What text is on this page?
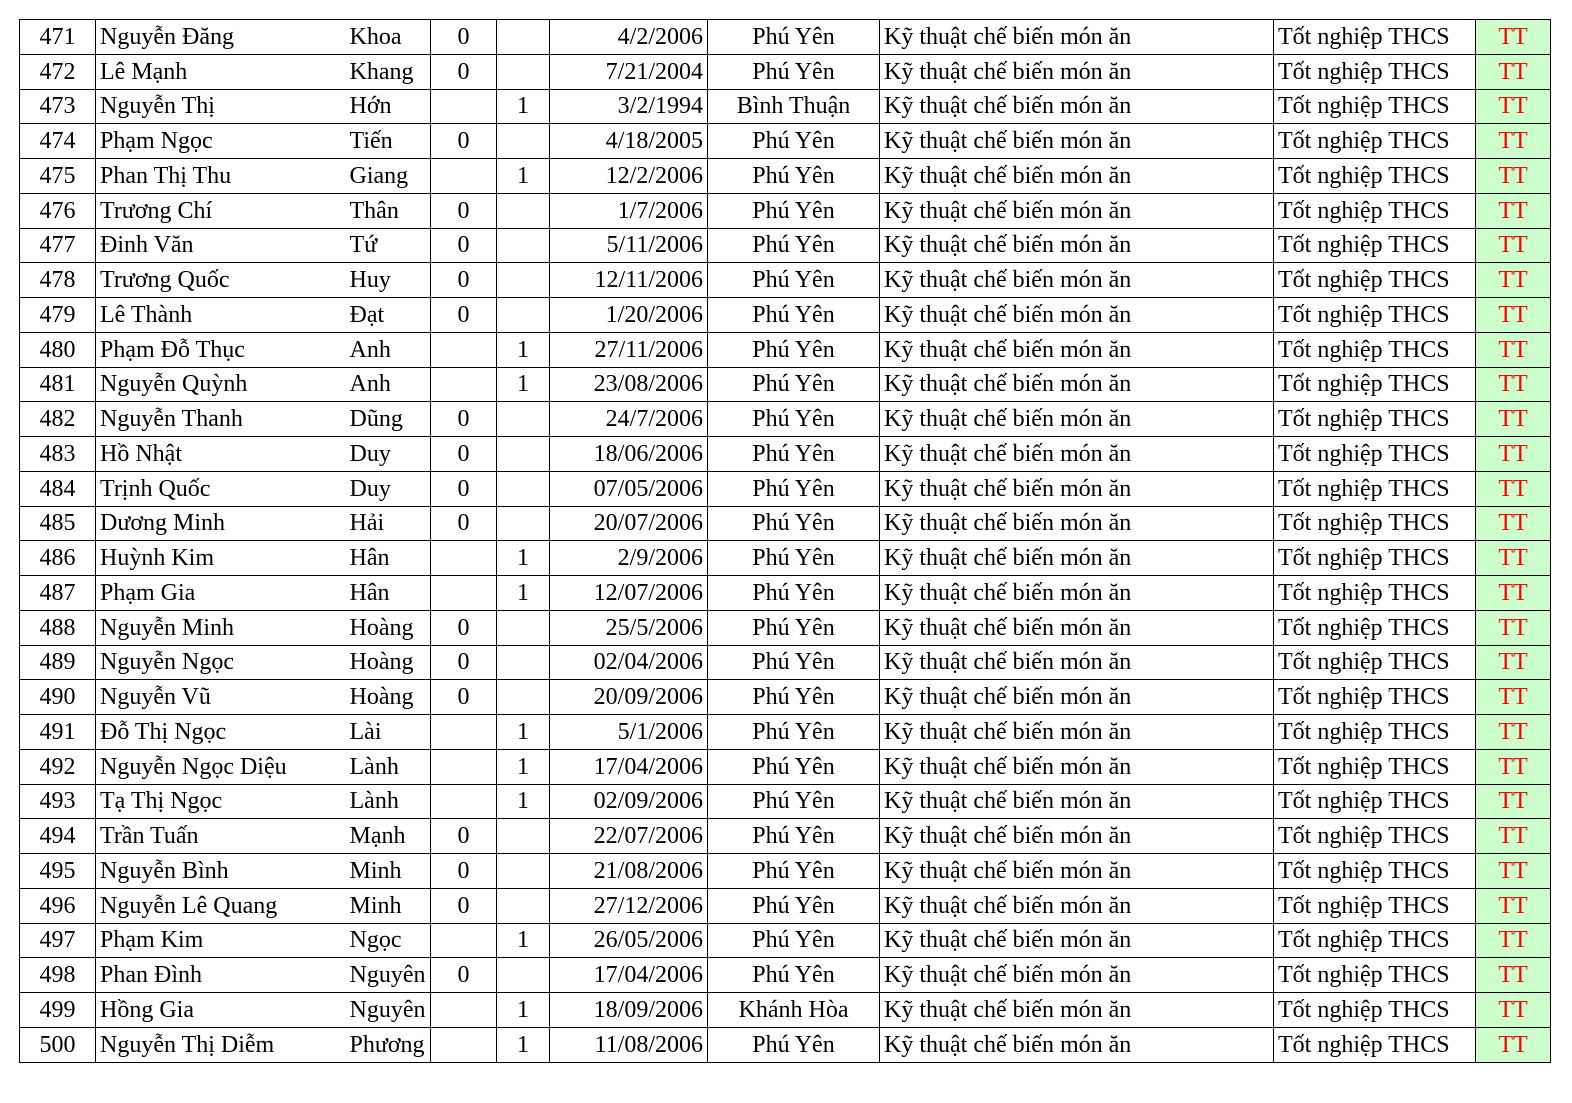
471	Nguyễn Đăng	Khoa	0		4/2/2006	Phú Yên	Kỹ thuật chế biến món ăn	Tốt nghiệp THCS	TT
472	Lê Mạnh	Khang	0		7/21/2004	Phú Yên	Kỹ thuật chế biến món ăn	Tốt nghiệp THCS	TT
473	Nguyễn Thị	Hớn		1	3/2/1994	Bình Thuận	Kỹ thuật chế biến món ăn	Tốt nghiệp THCS	TT
474	Phạm Ngọc	Tiến	0		4/18/2005	Phú Yên	Kỹ thuật chế biến món ăn	Tốt nghiệp THCS	TT
475	Phan Thị Thu	Giang		1	12/2/2006	Phú Yên	Kỹ thuật chế biến món ăn	Tốt nghiệp THCS	TT
476	Trương Chí	Thân	0		1/7/2006	Phú Yên	Kỹ thuật chế biến món ăn	Tốt nghiệp THCS	TT
477	Đinh Văn	Tứ	0		5/11/2006	Phú Yên	Kỹ thuật chế biến món ăn	Tốt nghiệp THCS	TT
478	Trương Quốc	Huy	0		12/11/2006	Phú Yên	Kỹ thuật chế biến món ăn	Tốt nghiệp THCS	TT
479	Lê Thành	Đạt	0		1/20/2006	Phú Yên	Kỹ thuật chế biến món ăn	Tốt nghiệp THCS	TT
480	Phạm Đỗ Thục	Anh		1	27/11/2006	Phú Yên	Kỹ thuật chế biến món ăn	Tốt nghiệp THCS	TT
481	Nguyễn Quỳnh	Anh		1	23/08/2006	Phú Yên	Kỹ thuật chế biến món ăn	Tốt nghiệp THCS	TT
482	Nguyễn Thanh	Dũng	0		24/7/2006	Phú Yên	Kỹ thuật chế biến món ăn	Tốt nghiệp THCS	TT
483	Hồ Nhật	Duy	0		18/06/2006	Phú Yên	Kỹ thuật chế biến món ăn	Tốt nghiệp THCS	TT
484	Trịnh Quốc	Duy	0		07/05/2006	Phú Yên	Kỹ thuật chế biến món ăn	Tốt nghiệp THCS	TT
485	Dương Minh	Hải	0		20/07/2006	Phú Yên	Kỹ thuật chế biến món ăn	Tốt nghiệp THCS	TT
486	Huỳnh Kim	Hân		1	2/9/2006	Phú Yên	Kỹ thuật chế biến món ăn	Tốt nghiệp THCS	TT
487	Phạm Gia	Hân		1	12/07/2006	Phú Yên	Kỹ thuật chế biến món ăn	Tốt nghiệp THCS	TT
488	Nguyễn Minh	Hoàng	0		25/5/2006	Phú Yên	Kỹ thuật chế biến món ăn	Tốt nghiệp THCS	TT
489	Nguyễn Ngọc	Hoàng	0		02/04/2006	Phú Yên	Kỹ thuật chế biến món ăn	Tốt nghiệp THCS	TT
490	Nguyễn Vũ	Hoàng	0		20/09/2006	Phú Yên	Kỹ thuật chế biến món ăn	Tốt nghiệp THCS	TT
491	Đỗ Thị Ngọc	Lài		1	5/1/2006	Phú Yên	Kỹ thuật chế biến món ăn	Tốt nghiệp THCS	TT
492	Nguyễn Ngọc Diệu	Lành		1	17/04/2006	Phú Yên	Kỹ thuật chế biến món ăn	Tốt nghiệp THCS	TT
493	Tạ Thị Ngọc	Lành		1	02/09/2006	Phú Yên	Kỹ thuật chế biến món ăn	Tốt nghiệp THCS	TT
494	Trần Tuấn	Mạnh	0		22/07/2006	Phú Yên	Kỹ thuật chế biến món ăn	Tốt nghiệp THCS	TT
495	Nguyễn Bình	Minh	0		21/08/2006	Phú Yên	Kỹ thuật chế biến món ăn	Tốt nghiệp THCS	TT
496	Nguyễn Lê Quang	Minh	0		27/12/2006	Phú Yên	Kỹ thuật chế biến món ăn	Tốt nghiệp THCS	TT
497	Phạm Kim	Ngọc		1	26/05/2006	Phú Yên	Kỹ thuật chế biến món ăn	Tốt nghiệp THCS	TT
498	Phan Đình	Nguyên	0		17/04/2006	Phú Yên	Kỹ thuật chế biến món ăn	Tốt nghiệp THCS	TT
499	Hồng Gia	Nguyên		1	18/09/2006	Khánh Hòa	Kỹ thuật chế biến món ăn	Tốt nghiệp THCS	TT
500	Nguyễn Thị Diễm	Phương		1	11/08/2006	Phú Yên	Kỹ thuật chế biến món ăn	Tốt nghiệp THCS	TT
